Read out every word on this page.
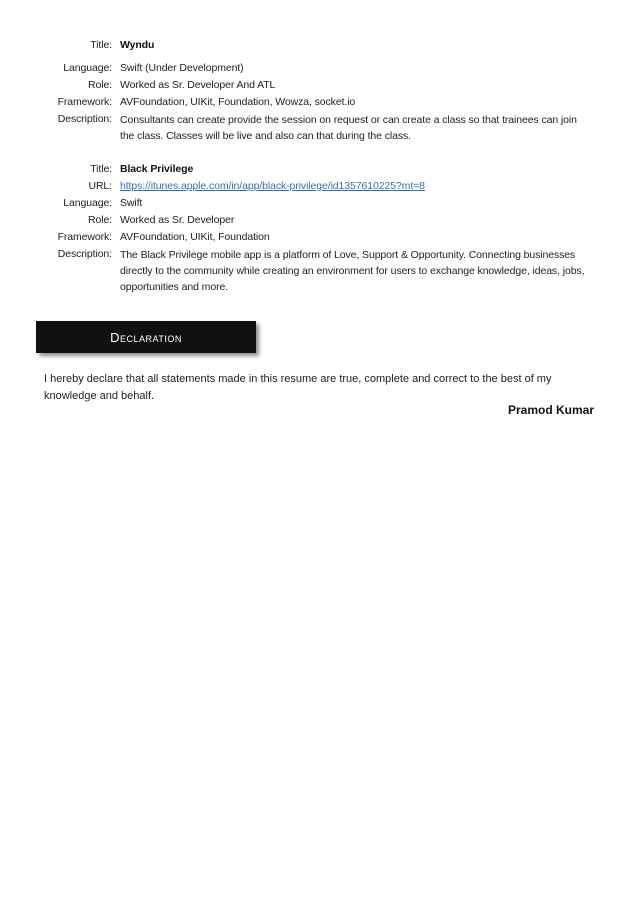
Title: Wyndu
Language: Swift (Under Development)
Role: Worked as Sr. Developer And ATL
Framework: AVFoundation, UIKit, Foundation, Wowza, socket.io
Description: Consultants can create provide the session on request or can create a class so that trainees can join the class. Classes will be live and also can that during the class.
Title: Black Privilege
URL: https://itunes.apple.com/in/app/black-privilege/id1357610225?mt=8
Language: Swift
Role: Worked as Sr. Developer
Framework: AVFoundation, UIKit, Foundation
Description: The Black Privilege mobile app is a platform of Love, Support & Opportunity. Connecting businesses directly to the community while creating an environment for users to exchange knowledge, ideas, jobs, opportunities and more.
Declaration
I hereby declare that all statements made in this resume are true, complete and correct to the best of my knowledge and behalf.
Pramod Kumar
